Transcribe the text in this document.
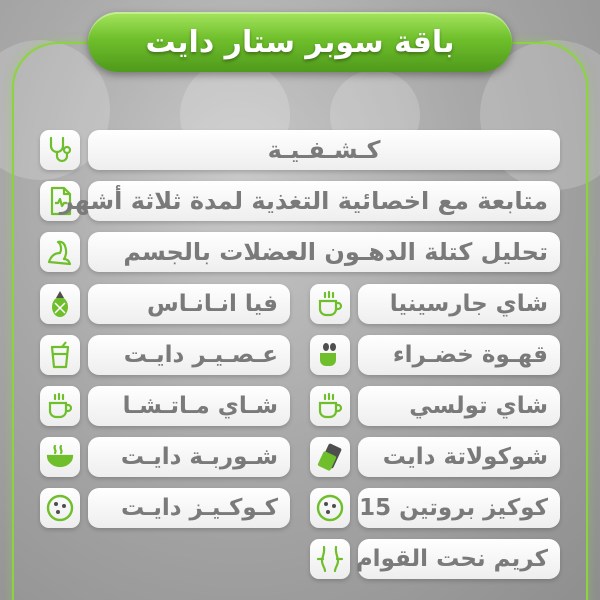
باقة سوبر ستار دايت
كـشـفـيـة
متابعة مع اخصائية التغذية لمدة ثلاثة أشهر
تحليل كتلة الدهـون العضلات بالجسم
شاي جارسينيا
قهـوة خضـراء
شاي تولسي
شوكولاتة دايت
كوكيز بروتين 15
كريم نحت القوام
فيا انـانـاس
عـصـيـر دايـت
شـاي مـاتـشـا
شـوربـة دايـت
كـوكـيـز دايـت
